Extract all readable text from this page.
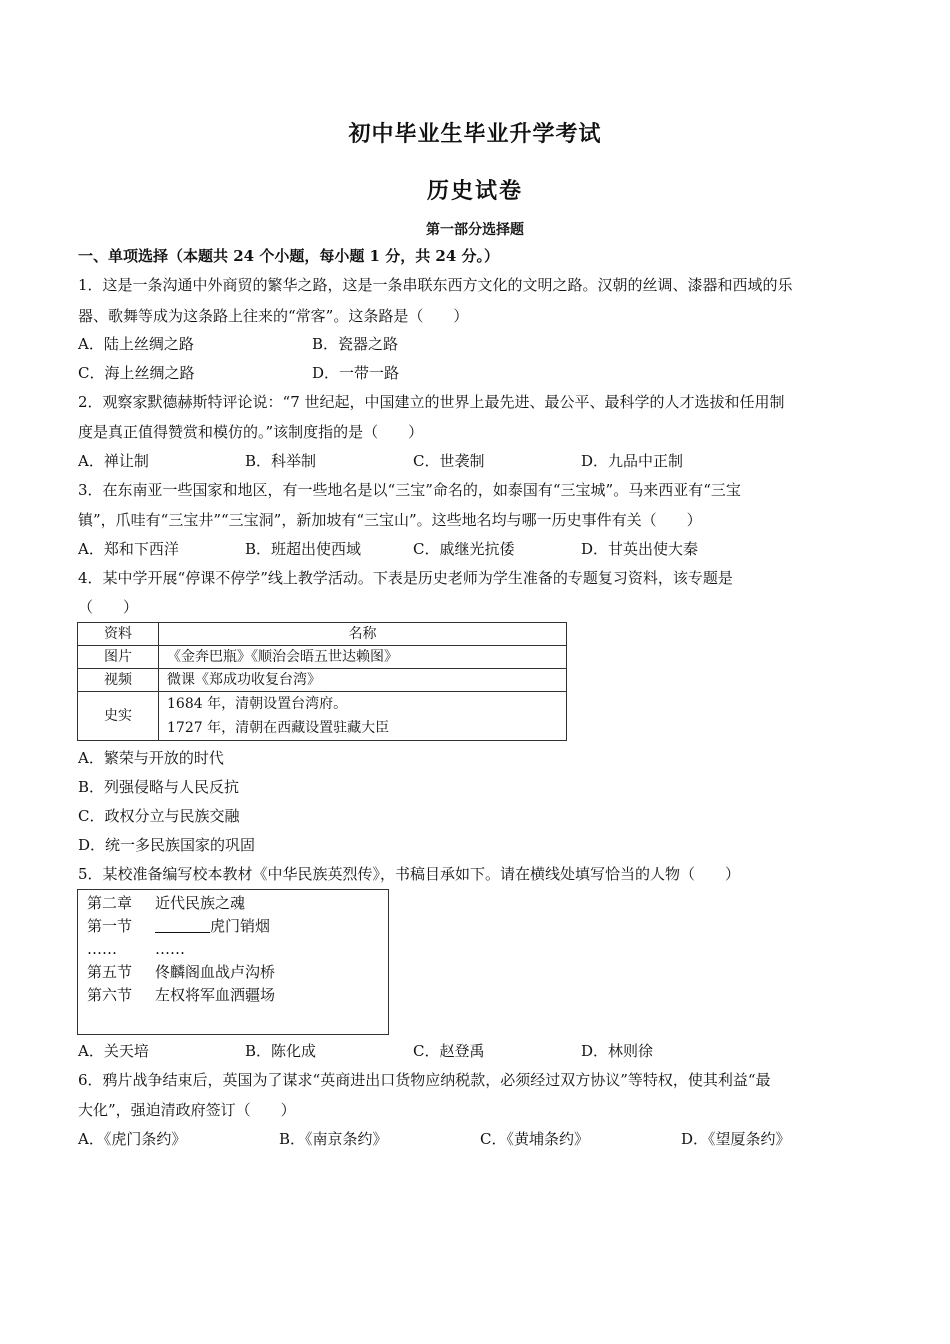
初中毕业生毕业升学考试
历史试卷
第一部分选择题
一、单项选择（本题共 24 个小题，每小题 1 分，共 24 分。）
1．这是一条沟通中外商贸的繁华之路，这是一条串联东西方文化的文明之路。汉朝的丝调、漆器和西域的乐
器、歌舞等成为这条路上往来的“常客”。这条路是（　　）
A．陆上丝绸之路	B．瓷器之路
C．海上丝绸之路	D．一带一路
2．观察家默德赫斯特评论说：“7 世纪起，中国建立的世界上最先进、最公平、最科学的人才选拔和任用制
度是真正值得赞赏和模仿的。”该制度指的是（　　）
A．禅让制	B．科举制	C．世袭制	D．九品中正制
3．在东南亚一些国家和地区，有一些地名是以“三宝”命名的，如泰国有“三宝城”。马来西亚有“三宝
镇”，爪哇有“三宝井”“三宝洞”，新加坡有“三宝山”。这些地名均与哪一历史事件有关（　　）
A．郑和下西洋	B．班超出使西域	C．戚继光抗倭	D．甘英出使大秦
4．某中学开展“停课不停学”线上教学活动。下表是历史老师为学生准备的专题复习资料，该专题是
（　　）
资料	名称
图片	《金奔巴瓶》《顺治会晤五世达赖图》
视频	微课《郑成功收复台湾》
史实	1684 年，清朝设置台湾府。
1727 年，清朝在西藏设置驻藏大臣
A．繁荣与开放的时代
B．列强侵略与人民反抗
C．政权分立与民族交融
D．统一多民族国家的巩固
5．某校准备编写校本教材《中华民族英烈传》，书稿目承如下。请在横线处填写恰当的人物（　　）
第二章 近代民族之魂
第一节	虎门销烟
……	……
第五节 佟麟阁血战卢沟桥
第六节 左权将军血洒疆场
A．关天培	B．陈化成	C．赵登禹	D．林则徐
6．鸦片战争结束后，英国为了谋求“英商进出口货物应纳税款，必须经过双方协议”等特权，使其利益“最
大化”，强迫清政府签订（　　）
A．《虎门条约》	B．《南京条约》	C．《黄埔条约》	D．《望厦条约》
